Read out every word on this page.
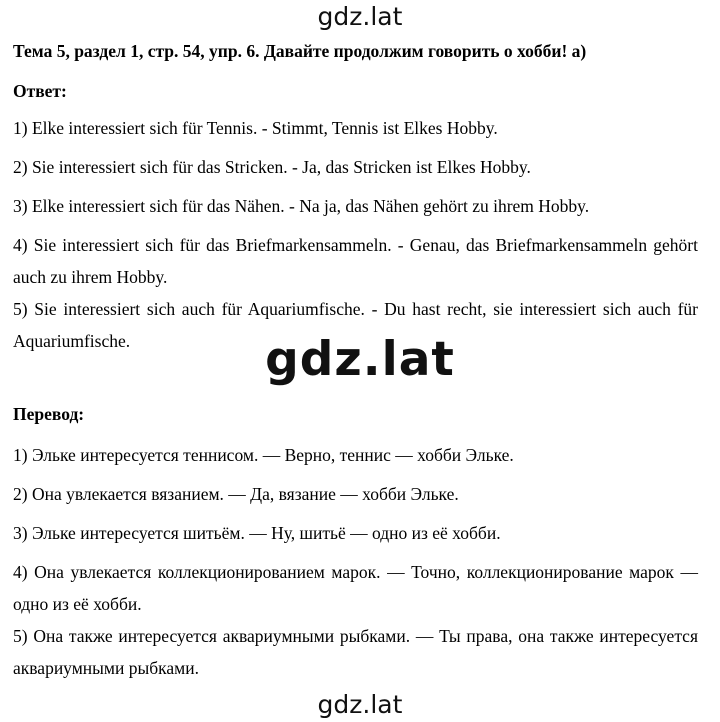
gdz.lat
Тема 5, раздел 1, стр. 54, упр. 6. Давайте продолжим говорить о хобби! а)
Ответ:
1) Elke interessiert sich für Tennis. - Stimmt, Tennis ist Elkes Hobby.
2) Sie interessiert sich für das Stricken. - Ja, das Stricken ist Elkes Hobby.
3) Elke interessiert sich für das Nähen. - Na ja, das Nähen gehört zu ihrem Hobby.
4) Sie interessiert sich für das Briefmarkensammeln. - Genau, das Briefmarkensammeln gehört auch zu ihrem Hobby.
5) Sie interessiert sich auch für Aquariumfische. - Du hast recht, sie interessiert sich auch für Aquariumfische.	gdz.lat
Перевод:
1) Эльке интересуется теннисом. — Верно, теннис — хобби Эльке.
2) Она увлекается вязанием. — Да, вязание — хобби Эльке.
3) Эльке интересуется шитьём. — Ну, шитьё — одно из её хобби.
4) Она увлекается коллекционированием марок. — Точно, коллекционирование марок — одно из её хобби.
5) Она также интересуется аквариумными рыбками. — Ты права, она также интересуется аквариумными рыбками.
gdz.lat
